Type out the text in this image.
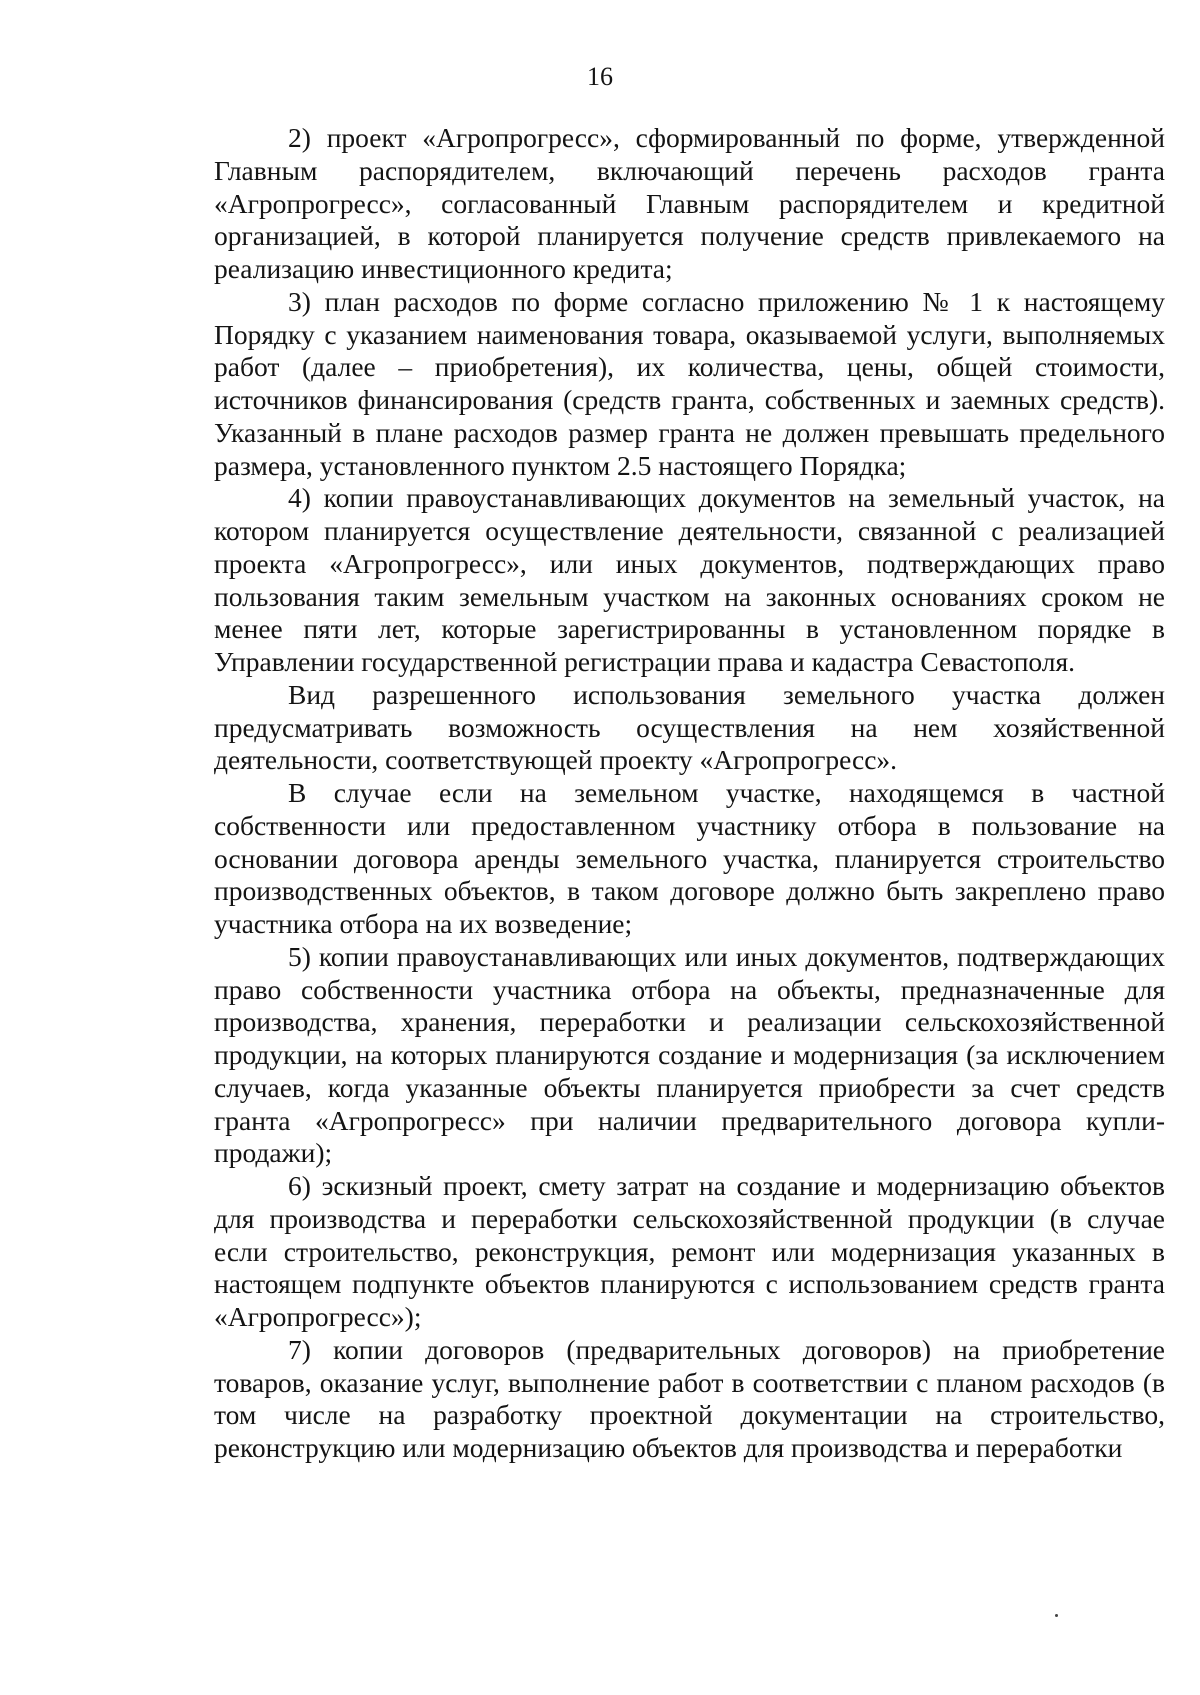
16

2) проект «Агропрогресс», сформированный по форме, утвержденной Главным распорядителем, включающий перечень расходов гранта «Агропрогресс», согласованный Главным распорядителем и кредитной организацией, в которой планируется получение средств привлекаемого на реализацию инвестиционного кредита;

3) план расходов по форме согласно приложению № 1 к настоящему Порядку с указанием наименования товара, оказываемой услуги, выполняемых работ (далее – приобретения), их количества, цены, общей стоимости, источников финансирования (средств гранта, собственных и заемных средств). Указанный в плане расходов размер гранта не должен превышать предельного размера, установленного пунктом 2.5 настоящего Порядка;

4) копии правоустанавливающих документов на земельный участок, на котором планируется осуществление деятельности, связанной с реализацией проекта «Агропрогресс», или иных документов, подтверждающих право пользования таким земельным участком на законных основаниях сроком не менее пяти лет, которые зарегистрированны в установленном порядке в Управлении государственной регистрации права и кадастра Севастополя.

Вид разрешенного использования земельного участка должен предусматривать возможность осуществления на нем хозяйственной деятельности, соответствующей проекту «Агропрогресс».

В случае если на земельном участке, находящемся в частной собственности или предоставленном участнику отбора в пользование на основании договора аренды земельного участка, планируется строительство производственных объектов, в таком договоре должно быть закреплено право участника отбора на их возведение;

5) копии правоустанавливающих или иных документов, подтверждающих право собственности участника отбора на объекты, предназначенные для производства, хранения, переработки и реализации сельскохозяйственной продукции, на которых планируются создание и модернизация (за исключением случаев, когда указанные объекты планируется приобрести за счет средств гранта «Агропрогресс» при наличии предварительного договора купли-продажи);

6) эскизный проект, смету затрат на создание и модернизацию объектов для производства и переработки сельскохозяйственной продукции (в случае если строительство, реконструкция, ремонт или модернизация указанных в настоящем подпункте объектов планируются с использованием средств гранта «Агропрогресс»);

7) копии договоров (предварительных договоров) на приобретение товаров, оказание услуг, выполнение работ в соответствии с планом расходов (в том числе на разработку проектной документации на строительство, реконструкцию или модернизацию объектов для производства и переработки
